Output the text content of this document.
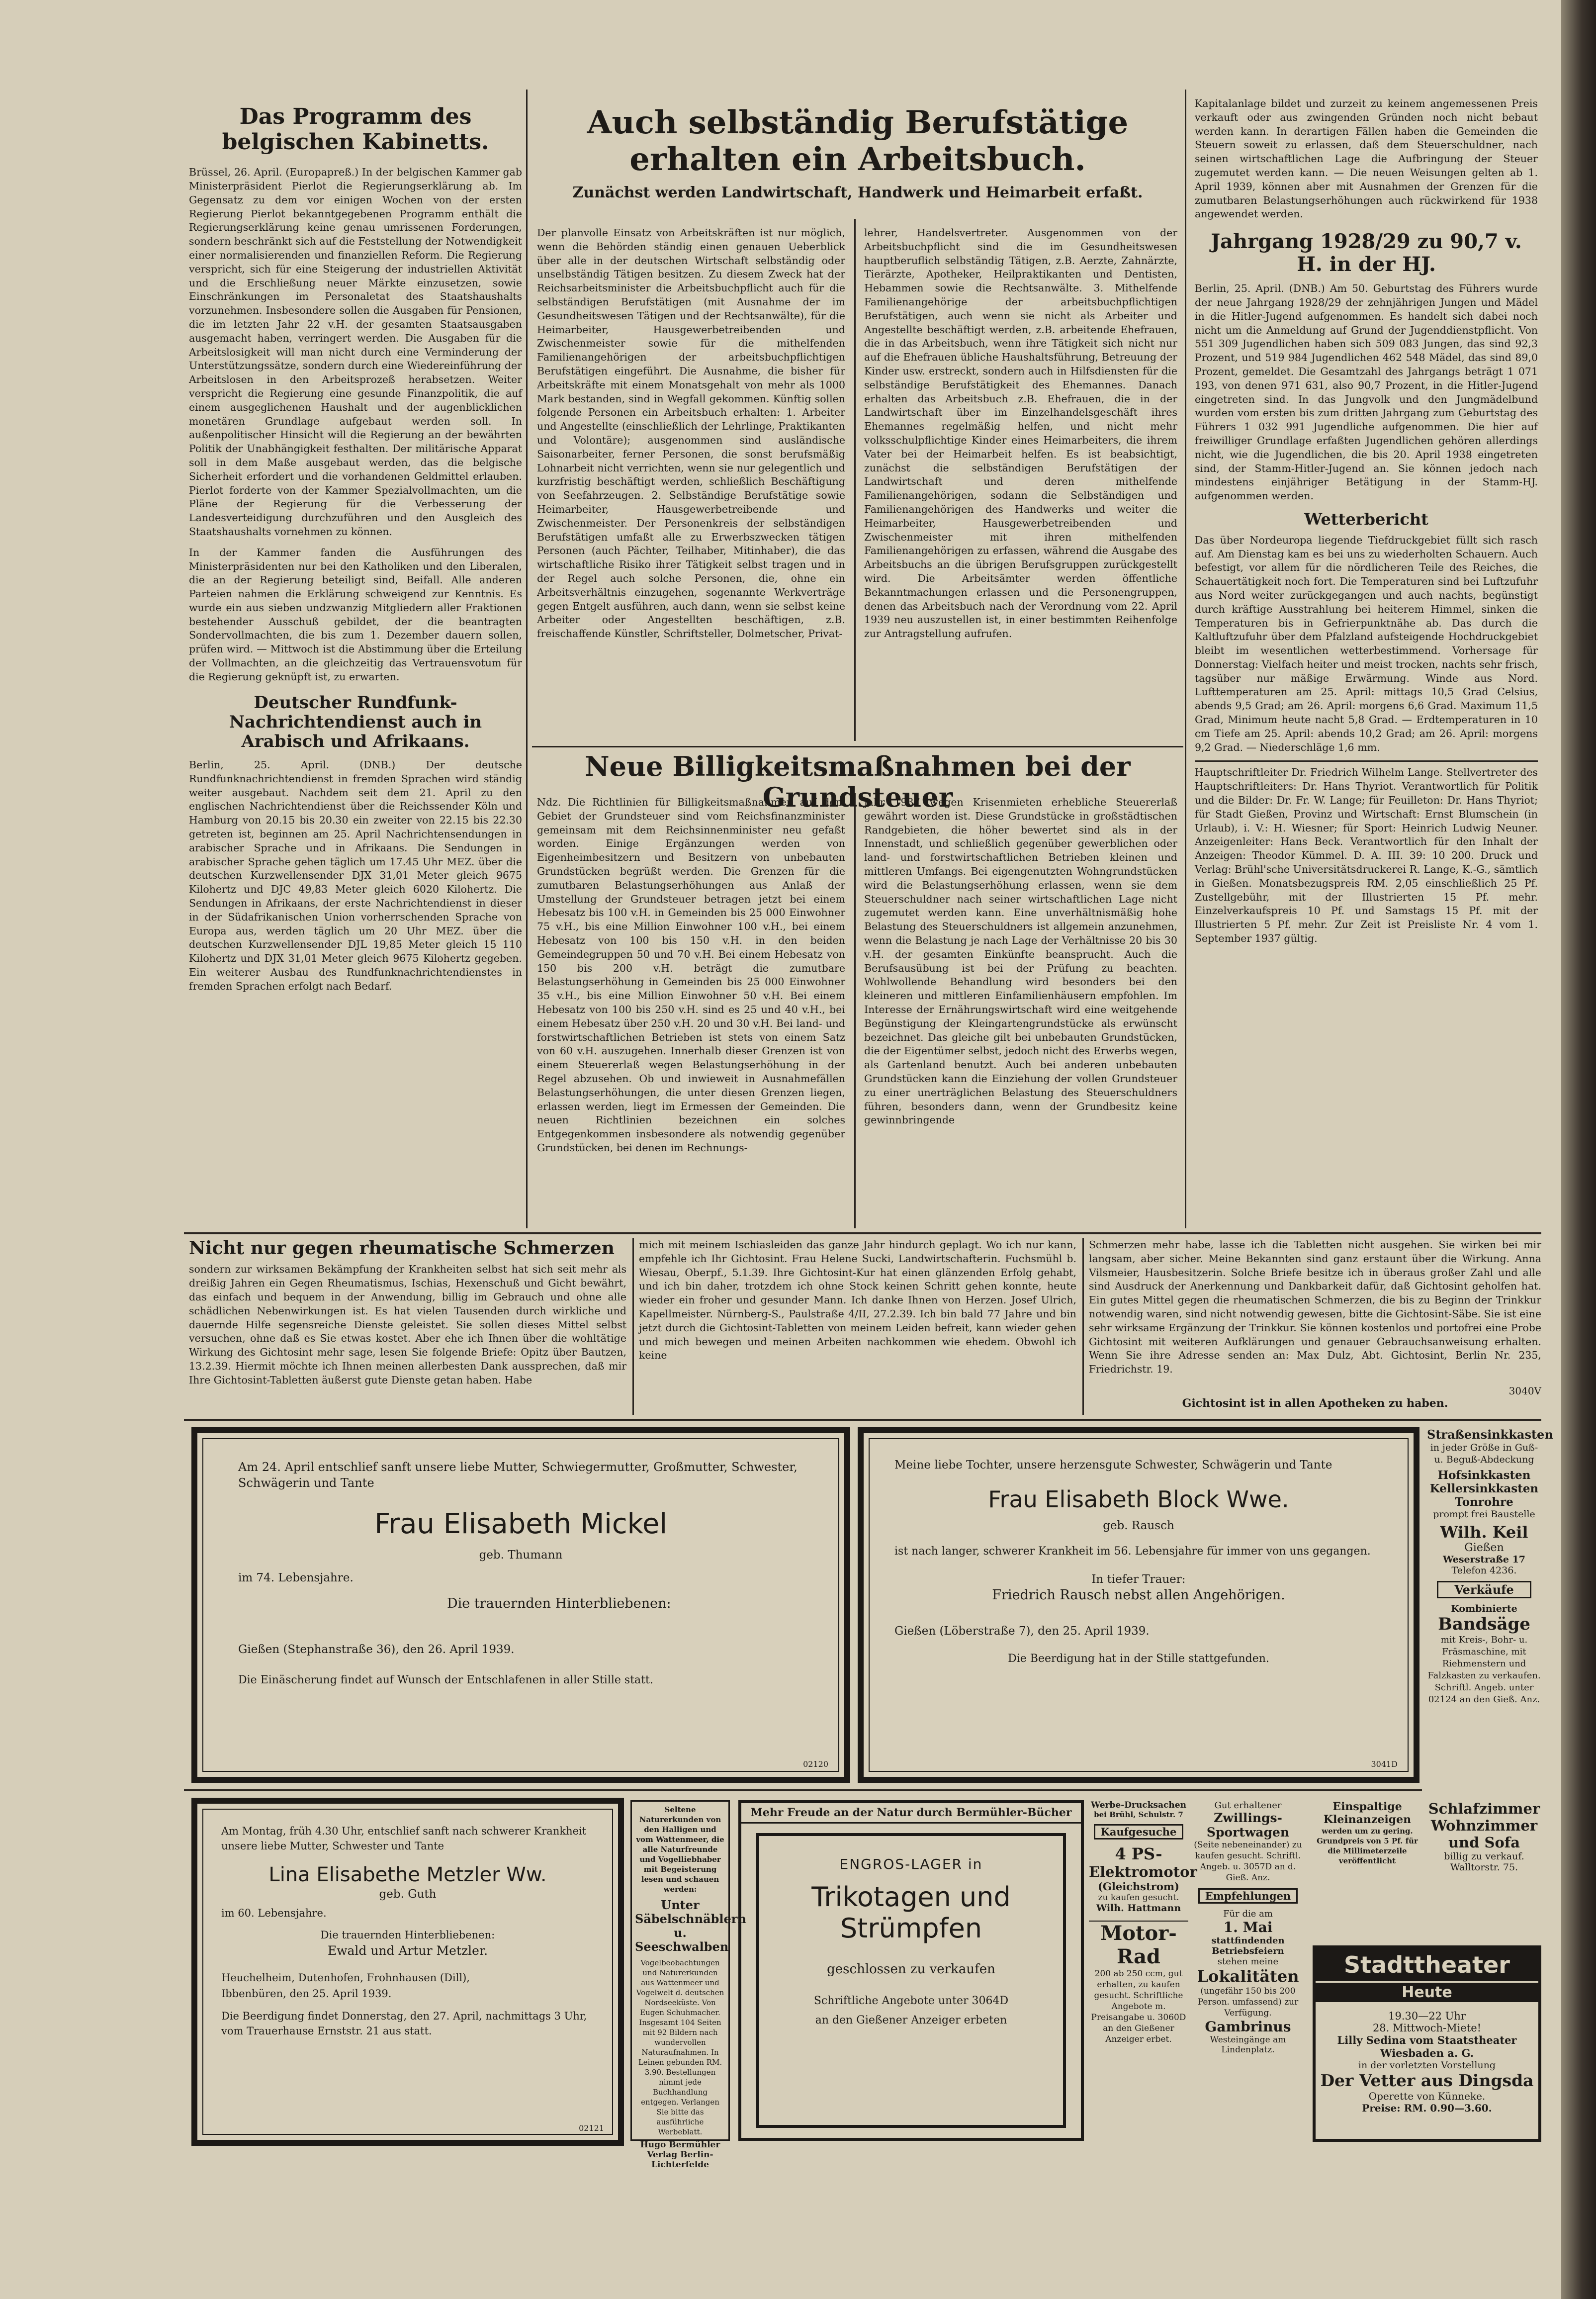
Das Programm des belgischen Kabinetts.

Brüssel, 26. April. (Europapreß.) In der belgischen Kammer gab Ministerpräsident Pierlot die Regierungserklärung ab. Im Gegensatz zu dem vor einigen Wochen von der ersten Regierung Pierlot bekanntgegebenen Programm enthält die Regierungserklärung keine genau umrissenen Forderungen, sondern beschränkt sich auf die Feststellung der Notwendigkeit einer normalisierenden und finanziellen Reform. Die Regierung verspricht, sich für eine Steigerung der industriellen Aktivität und die Erschließung neuer Märkte einzusetzen, sowie Einschränkungen im Personaletat des Staatshaushalts vorzunehmen. Insbesondere sollen die Ausgaben für Pensionen, die im letzten Jahr 22 v.H. der gesamten Staatsausgaben ausgemacht haben, verringert werden. Die Ausgaben für die Arbeitslosigkeit will man nicht durch eine Verminderung der Unterstützungssätze, sondern durch eine Wiedereinführung der Arbeitslosen in den Arbeitsprozeß herabsetzen. Weiter verspricht die Regierung eine gesunde Finanzpolitik, die auf einem ausgeglichenen Haushalt und der augenblicklichen monetären Grundlage aufgebaut werden soll. In außenpolitischer Hinsicht will die Regierung an der bewährten Politik der Unabhängigkeit festhalten. Der militärische Apparat soll in dem Maße ausgebaut werden, das die belgische Sicherheit erfordert und die vorhandenen Geldmittel erlauben. Pierlot forderte von der Kammer Spezialvollmachten, um die Pläne der Regierung für die Verbesserung der Landesverteidigung durchzuführen und den Ausgleich des Staatshaushalts vornehmen zu können.

In der Kammer fanden die Ausführungen des Ministerpräsidenten nur bei den Katholiken und den Liberalen, die an der Regierung beteiligt sind, Beifall. Alle anderen Parteien nahmen die Erklärung schweigend zur Kenntnis. Es wurde ein aus sieben undzwanzig Mitgliedern aller Fraktionen bestehender Ausschuß gebildet, der die beantragten Sondervollmachten, die bis zum 1. Dezember dauern sollen, prüfen wird. — Mittwoch ist die Abstimmung über die Erteilung der Vollmachten, an die gleichzeitig das Vertrauensvotum für die Regierung geknüpft ist, zu erwarten.

Deutscher Rundfunk-Nachrichtendienst auch in Arabisch und Afrikaans.

Berlin, 25. April. (DNB.) Der deutsche Rundfunknachrichtendienst in fremden Sprachen wird ständig weiter ausgebaut. Nachdem seit dem 21. April zu den englischen Nachrichtendienst über die Reichssender Köln und Hamburg von 20.15 bis 20.30 ein zweiter von 22.15 bis 22.30 getreten ist, beginnen am 25. April Nachrichtensendungen in arabischer Sprache und in Afrikaans. Die Sendungen in arabischer Sprache gehen täglich um 17.45 Uhr MEZ. über die deutschen Kurzwellensender DJX 31,01 Meter gleich 9675 Kilohertz und DJC 49,83 Meter gleich 6020 Kilohertz. Die Sendungen in Afrikaans, der erste Nachrichtendienst in dieser in der Südafrikanischen Union vorherrschenden Sprache von Europa aus, werden täglich um 20 Uhr MEZ. über die deutschen Kurzwellensender DJL 19,85 Meter gleich 15 110 Kilohertz und DJX 31,01 Meter gleich 9675 Kilohertz gegeben. Ein weiterer Ausbau des Rundfunknachrichtendienstes in fremden Sprachen erfolgt nach Bedarf.

Auch selbständig Berufstätige erhalten ein Arbeitsbuch.
Zunächst werden Landwirtschaft, Handwerk und Heimarbeit erfaßt.

Der planvolle Einsatz von Arbeitskräften ist nur möglich, wenn die Behörden ständig einen genauen Ueberblick über alle in der deutschen Wirtschaft selbständig oder unselbständig Tätigen besitzen. Zu diesem Zweck hat der Reichsarbeitsminister die Arbeitsbuchpflicht auch für die selbständigen Berufstätigen (mit Ausnahme der im Gesundheitswesen Tätigen und der Rechtsanwälte), für die Heimarbeiter, Hausgewerbetreibenden und Zwischenmeister sowie für die mithelfenden Familienangehörigen der arbeitsbuchpflichtigen Berufstätigen eingeführt. Die Ausnahme, die bisher für Arbeitskräfte mit einem Monatsgehalt von mehr als 1000 Mark bestanden, sind in Wegfall gekommen. Künftig sollen folgende Personen ein Arbeitsbuch erhalten: 1. Arbeiter und Angestellte (einschließlich der Lehrlinge, Praktikanten und Volontäre); ausgenommen sind ausländische Saisonarbeiter, ferner Personen, die sonst berufsmäßig Lohnarbeit nicht verrichten, wenn sie nur gelegentlich und kurzfristig beschäftigt werden, schließlich Beschäftigung von Seefahrzeugen. 2. Selbständige Berufstätige sowie Heimarbeiter, Hausgewerbetreibende und Zwischenmeister. Der Personenkreis der selbständigen Berufstätigen umfaßt alle zu Erwerbszwecken tätigen Personen (auch Pächter, Teilhaber, Mitinhaber), die das wirtschaftliche Risiko ihrer Tätigkeit selbst tragen und in der Regel auch solche Personen, die, ohne ein Arbeitsverhältnis einzugehen, sogenannte Werkverträge gegen Entgelt ausführen, auch dann, wenn sie selbst keine Arbeiter oder Angestellten beschäftigen, z.B. freischaffende Künstler, Schriftsteller, Dolmetscher, Privat-

lehrer, Handelsvertreter. Ausgenommen von der Arbeitsbuchpflicht sind die im Gesundheitswesen hauptberuflich selbständig Tätigen, z.B. Aerzte, Zahnärzte, Tierärzte, Apotheker, Heilpraktikanten und Dentisten, Hebammen sowie die Rechtsanwälte. 3. Mithelfende Familienangehörige der arbeitsbuchpflichtigen Berufstätigen, auch wenn sie nicht als Arbeiter und Angestellte beschäftigt werden, z.B. arbeitende Ehefrauen, die in das Arbeitsbuch, wenn ihre Tätigkeit sich nicht nur auf die Ehefrauen übliche Haushaltsführung, Betreuung der Kinder usw. erstreckt, sondern auch in Hilfsdiensten für die selbständige Berufstätigkeit des Ehemannes. Danach erhalten das Arbeitsbuch z.B. Ehefrauen, die in der Landwirtschaft über im Einzelhandelsgeschäft ihres Ehemannes regelmäßig helfen, und nicht mehr volksschulpflichtige Kinder eines Heimarbeiters, die ihrem Vater bei der Heimarbeit helfen. Es ist beabsichtigt, zunächst die selbständigen Berufstätigen der Landwirtschaft und deren mithelfende Familienangehörigen, sodann die Selbständigen und Familienangehörigen des Handwerks und weiter die Heimarbeiter, Hausgewerbetreibenden und Zwischenmeister mit ihren mithelfenden Familienangehörigen zu erfassen, während die Ausgabe des Arbeitsbuchs an die übrigen Berufsgruppen zurückgestellt wird. Die Arbeitsämter werden öffentliche Bekanntmachungen erlassen und die Personengruppen, denen das Arbeitsbuch nach der Verordnung vom 22. April 1939 neu auszustellen ist, in einer bestimmten Reihenfolge zur Antragstellung aufrufen.

Neue Billigkeitsmaßnahmen bei der Grundsteuer

Ndz. Die Richtlinien für Billigkeitsmaßnahmen auf dem Gebiet der Grundsteuer sind vom Reichsfinanzminister gemeinsam mit dem Reichsinnenminister neu gefaßt worden. Einige Ergänzungen werden von Eigenheimbesitzern und Besitzern von unbebauten Grundstücken begrüßt werden. Die Grenzen für die zumutbaren Belastungserhöhungen aus Anlaß der Umstellung der Grundsteuer betragen jetzt bei einem Hebesatz bis 100 v.H. in Gemeinden bis 25 000 Einwohner 75 v.H., bis eine Million Einwohner 100 v.H., bei einem Hebesatz von 100 bis 150 v.H. in den beiden Gemeindegruppen 50 und 70 v.H. Bei einem Hebesatz von 150 bis 200 v.H. beträgt die zumutbare Belastungserhöhung in Gemeinden bis 25 000 Einwohner 35 v.H., bis eine Million Einwohner 50 v.H. Bei einem Hebesatz von 100 bis 250 v.H. sind es 25 und 40 v.H., bei einem Hebesatz über 250 v.H. 20 und 30 v.H. Bei land- und forstwirtschaftlichen Betrieben ist stets von einem Satz von 60 v.H. auszugehen. Innerhalb dieser Grenzen ist von einem Steuererlaß wegen Belastungserhöhung in der Regel abzusehen. Ob und inwieweit in Ausnahmefällen Belastungserhöhungen, die unter diesen Grenzen liegen, erlassen werden, liegt im Ermessen der Gemeinden. Die neuen Richtlinien bezeichnen ein solches Entgegenkommen insbesondere als notwendig gegenüber Grundstücken, bei denen im Rechnungs-

jahr 1937 wegen Krisenmieten erhebliche Steuererlaß gewährt worden ist. Diese Grundstücke in großstädtischen Randgebieten, die höher bewertet sind als in der Innenstadt, und schließlich gegenüber gewerblichen oder land- und forstwirtschaftlichen Betrieben kleinen und mittleren Umfangs. Bei eigengenutzten Wohngrundstücken wird die Belastungserhöhung erlassen, wenn sie dem Steuerschuldner nach seiner wirtschaftlichen Lage nicht zugemutet werden kann. Eine unverhältnismäßig hohe Belastung des Steuerschuldners ist allgemein anzunehmen, wenn die Belastung je nach Lage der Verhältnisse 20 bis 30 v.H. der gesamten Einkünfte beansprucht. Auch die Berufsausübung ist bei der Prüfung zu beachten. Wohlwollende Behandlung wird besonders bei den kleineren und mittleren Einfamilienhäusern empfohlen. Im Interesse der Ernährungswirtschaft wird eine weitgehende Begünstigung der Kleingartengrundstücke als erwünscht bezeichnet. Das gleiche gilt bei unbebauten Grundstücken, die der Eigentümer selbst, jedoch nicht des Erwerbs wegen, als Gartenland benutzt. Auch bei anderen unbebauten Grundstücken kann die Einziehung der vollen Grundsteuer zu einer unerträglichen Belastung des Steuerschuldners führen, besonders dann, wenn der Grundbesitz keine gewinnbringende

Kapitalanlage bildet und zurzeit zu keinem angemessenen Preis verkauft oder aus zwingenden Gründen noch nicht bebaut werden kann. In derartigen Fällen haben die Gemeinden die Steuern soweit zu erlassen, daß dem Steuerschuldner, nach seinen wirtschaftlichen Lage die Aufbringung der Steuer zugemutet werden kann. — Die neuen Weisungen gelten ab 1. April 1939, können aber mit Ausnahmen der Grenzen für die zumutbaren Belastungserhöhungen auch rückwirkend für 1938 angewendet werden.

Jahrgang 1928/29 zu 90,7 v. H. in der HJ.

Berlin, 25. April. (DNB.) Am 50. Geburtstag des Führers wurde der neue Jahrgang 1928/29 der zehnjährigen Jungen und Mädel in die Hitler-Jugend aufgenommen. Es handelt sich dabei noch nicht um die Anmeldung auf Grund der Jugenddienstpflicht. Von 551 309 Jugendlichen haben sich 509 083 Jungen, das sind 92,3 Prozent, und 519 984 Jugendlichen 462 548 Mädel, das sind 89,0 Prozent, gemeldet. Die Gesamtzahl des Jahrgangs beträgt 1 071 193, von denen 971 631, also 90,7 Prozent, in die Hitler-Jugend eingetreten sind. In das Jungvolk und den Jungmädelbund wurden vom ersten bis zum dritten Jahrgang zum Geburtstag des Führers 1 032 991 Jugendliche aufgenommen. Die hier auf freiwilliger Grundlage erfaßten Jugendlichen gehören allerdings nicht, wie die Jugendlichen, die bis 20. April 1938 eingetreten sind, der Stamm-Hitler-Jugend an. Sie können jedoch nach mindestens einjähriger Betätigung in der Stamm-HJ. aufgenommen werden.

Wetterbericht

Das über Nordeuropa liegende Tiefdruckgebiet füllt sich rasch auf. Am Dienstag kam es bei uns zu wiederholten Schauern. Auch befestigt, vor allem für die nördlicheren Teile des Reiches, die Schauertätigkeit noch fort. Die Temperaturen sind bei Luftzufuhr aus Nord weiter zurückgegangen und auch nachts, begünstigt durch kräftige Ausstrahlung bei heiterem Himmel, sinken die Temperaturen bis in Gefrierpunktnähe ab. Das durch die Kaltluftzufuhr über dem Pfalzland aufsteigende Hochdruckgebiet bleibt im wesentlichen wetterbestimmend. Vorhersage für Donnerstag: Vielfach heiter und meist trocken, nachts sehr frisch, tagsüber nur mäßige Erwärmung. Winde aus Nord. Lufttemperaturen am 25. April: mittags 10,5 Grad Celsius, abends 9,5 Grad; am 26. April: morgens 6,6 Grad. Maximum 11,5 Grad, Minimum heute nacht 5,8 Grad. — Erdtemperaturen in 10 cm Tiefe am 25. April: abends 10,2 Grad; am 26. April: morgens 9,2 Grad. — Niederschläge 1,6 mm.

Hauptschriftleiter Dr. Friedrich Wilhelm Lange. Stellvertreter des Hauptschriftleiters: Dr. Hans Thyriot. Verantwortlich für Politik und die Bilder: Dr. Fr. W. Lange; für Feuilleton: Dr. Hans Thyriot; für Stadt Gießen, Provinz und Wirtschaft: Ernst Blumschein (in Urlaub), i. V.: H. Wiesner; für Sport: Heinrich Ludwig Neuner. Anzeigenleiter: Hans Beck. Verantwortlich für den Inhalt der Anzeigen: Theodor Kümmel. D. A. III. 39: 10 200. Druck und Verlag: Brühl'sche Universitätsdruckerei R. Lange, K.-G., sämtlich in Gießen. Monatsbezugspreis RM. 2,05 einschließlich 25 Pf. Zustellgebühr, mit der Illustrierten 15 Pf. mehr. Einzelverkaufspreis 10 Pf. und Samstags 15 Pf. mit der Illustrierten 5 Pf. mehr. Zur Zeit ist Preisliste Nr. 4 vom 1. September 1937 gültig.

Nicht nur gegen rheumatische Schmerzen

sondern zur wirksamen Bekämpfung der Krankheiten selbst hat sich seit mehr als dreißig Jahren ein Gegen Rheumatismus, Ischias, Hexenschuß und Gicht bewährt, das einfach und bequem in der Anwendung, billig im Gebrauch und ohne alle schädlichen Nebenwirkungen ist. Es hat vielen Tausenden durch wirkliche und dauernde Hilfe segensreiche Dienste geleistet. Sie sollen dieses Mittel selbst versuchen, ohne daß es Sie etwas kostet. Aber ehe ich Ihnen über die wohltätige Wirkung des Gichtosint mehr sage, lesen Sie folgende Briefe: Opitz über Bautzen, 13.2.39. Hiermit möchte ich Ihnen meinen allerbesten Dank aussprechen, daß mir Ihre Gichtosint-Tabletten äußerst gute Dienste getan haben. Habe

mich mit meinem Ischiasleiden das ganze Jahr hindurch geplagt. Wo ich nur kann, empfehle ich Ihr Gichtosint. Frau Helene Sucki, Landwirtschafterin. Fuchsmühl b. Wiesau, Oberpf., 5.1.39. Ihre Gichtosint-Kur hat einen glänzenden Erfolg gehabt, und ich bin daher, trotzdem ich ohne Stock keinen Schritt gehen konnte, heute wieder ein froher und gesunder Mann. Ich danke Ihnen von Herzen. Josef Ulrich, Kapellmeister. Nürnberg-S., Paulstraße 4/II, 27.2.39. Ich bin bald 77 Jahre und bin jetzt durch die Gichtosint-Tabletten von meinem Leiden befreit, kann wieder gehen und mich bewegen und meinen Arbeiten nachkommen wie ehedem. Obwohl ich keine

Schmerzen mehr habe, lasse ich die Tabletten nicht ausgehen. Sie wirken bei mir langsam, aber sicher. Meine Bekannten sind ganz erstaunt über die Wirkung. Anna Vilsmeier, Hausbesitzerin. Solche Briefe besitze ich in überaus großer Zahl und alle sind Ausdruck der Anerkennung und Dankbarkeit dafür, daß Gichtosint geholfen hat. Ein gutes Mittel gegen die rheumatischen Schmerzen, die bis zu Beginn der Trinkkur notwendig waren, sind nicht notwendig gewesen, bitte die Gichtosint-Säbe. Sie ist eine sehr wirksame Ergänzung der Trinkkur. Sie können kostenlos und portofrei eine Probe Gichtosint mit weiteren Aufklärungen und genauer Gebrauchsanweisung erhalten. Wenn Sie ihre Adresse senden an: Max Dulz, Abt. Gichtosint, Berlin Nr. 235, Friedrichstr. 19.

3040V
Gichtosint ist in allen Apotheken zu haben.
Am 24. April entschlief sanft unsere liebe Mutter, Schwiegermutter, Großmutter, Schwester, Schwägerin und Tante
Frau Elisabeth Mickel
geb. Thumann
im 74. Lebensjahre.
Die trauernden Hinterbliebenen:
Gießen (Stephanstraße 36), den 26. April 1939.
Die Einäscherung findet auf Wunsch der Entschlafenen in aller Stille statt.
02120
Meine liebe Tochter, unsere herzensgute Schwester, Schwägerin und Tante
Frau Elisabeth Block Wwe.
geb. Rausch
ist nach langer, schwerer Krankheit im 56. Lebensjahre für immer von uns gegangen.
In tiefer Trauer:
Friedrich Rausch nebst allen Angehörigen.
Gießen (Löberstraße 7), den 25. April 1939.
Die Beerdigung hat in der Stille stattgefunden.
3041D
Straßensinkkasten
in jeder Größe in Guß- u. Beguß-Abdeckung
Hofsinkkasten
Kellersinkkasten
Tonrohre
prompt frei Baustelle
Wilh. Keil
Gießen
Weserstraße 17
Telefon 4236.
Verkäufe
Kombinierte
Bandsäge
mit Kreis-, Bohr- u. Fräsmaschine, mit Riehmenstern und Falzkasten zu verkaufen. Schriftl. Angeb. unter 02124 an den Gieß. Anz.
Am Montag, früh 4.30 Uhr, entschlief sanft nach schwerer Krankheit unsere liebe Mutter, Schwester und Tante
Lina Elisabethe Metzler Ww.
geb. Guth
im 60. Lebensjahre.
Die trauernden Hinterbliebenen:
Ewald und Artur Metzler.
Heuchelheim, Dutenhofen, Frohnhausen (Dill),
Ibbenbüren, den 25. April 1939.
Die Beerdigung findet Donnerstag, den 27. April, nachmittags 3 Uhr, vom Trauerhause Ernststr. 21 aus statt.
02121
Seltene Naturerkunden von den Halligen und vom Wattenmeer, die alle Naturfreunde und Vogelliebhaber mit Begeisterung lesen und schauen werden:
Unter Säbelschnäblern u. Seeschwalben
Vogelbeobachtungen und Naturerkunden aus Wattenmeer und Vogelwelt d. deutschen Nordseeküste. Von Eugen Schuhmacher. Insgesamt 104 Seiten mit 92 Bildern nach wundervollen Naturaufnahmen. In Leinen gebunden RM. 3.90. Bestellungen nimmt jede Buchhandlung entgegen. Verlangen Sie bitte das ausführliche Werbeblatt.
Hugo Bermühler Verlag Berlin-Lichterfelde
Mehr Freude an der Natur durch Bermühler-Bücher
ENGROS-LAGER in
Trikotagen und
Strümpfen
geschlossen zu verkaufen
Schriftliche Angebote unter 3064D
an den Gießener Anzeiger erbeten
Werbe-Drucksachen
bei Brühl, Schulstr. 7
Kaufgesuche
4 PS-
Elektromotor
(Gleichstrom)
zu kaufen gesucht.
Wilh. Hattmann
Motor-Rad
200 ab 250 ccm, gut erhalten, zu kaufen gesucht. Schriftliche Angebote m. Preisangabe u. 3060D an den Gießener Anzeiger erbet.
Gut erhaltener
Zwillings-Sportwagen
(Seite nebeneinander) zu kaufen gesucht. Schriftl. Angeb. u. 3057D an d. Gieß. Anz.
Empfehlungen
Für die am
1. Mai
stattfindenden Betriebsfeiern
stehen meine
Lokalitäten
(ungefähr 150 bis 200 Person. umfassend) zur Verfügung.
Gambrinus
Westeingänge am Lindenplatz.
Einspaltige Kleinanzeigen
werden um zu gering. Grundpreis von 5 Pf. für die Millimeterzeile veröffentlicht
Schlafzimmer Wohnzimmer und Sofa
billig zu verkauf.
Walltorstr. 75.
Stadttheater
Heute
19.30—22 Uhr
28. Mittwoch-Miete!
Lilly Sedina vom Staatstheater Wiesbaden a. G.
in der vorletzten Vorstellung
Der Vetter aus Dingsda
Operette von Künneke.
Preise: RM. 0.90—3.60.
